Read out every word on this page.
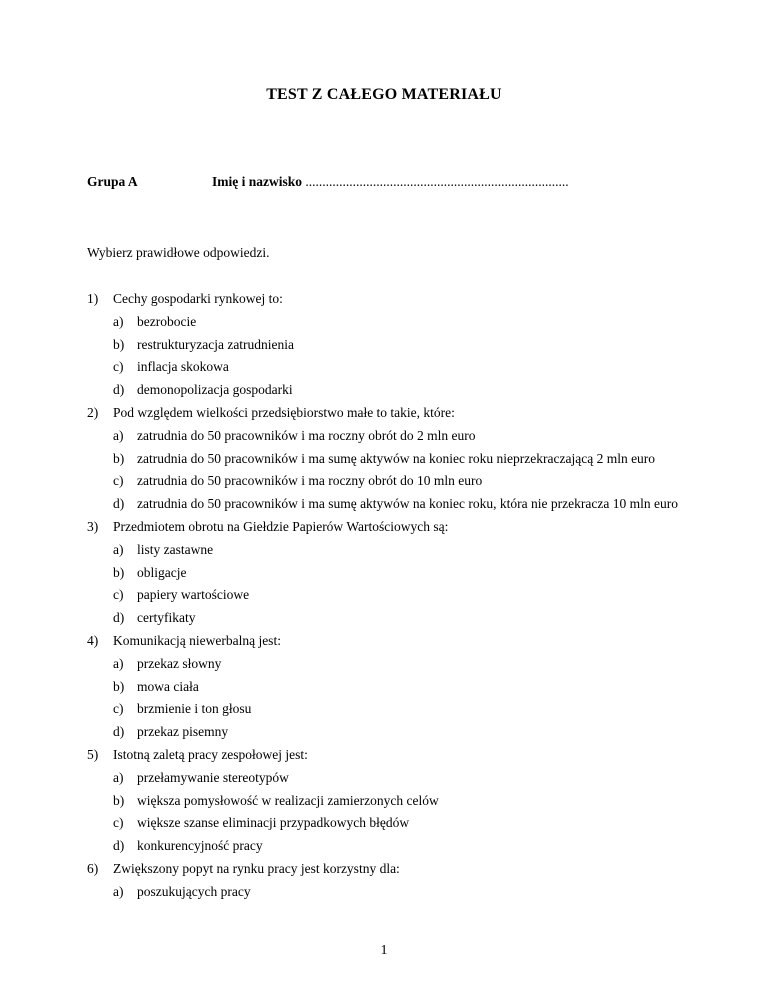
TEST Z CAŁEGO MATERIAŁU
Grupa A	Imię i nazwisko ..............................................................................
Wybierz prawidłowe odpowiedzi.
1) Cechy gospodarki rynkowej to:
a) bezrobocie
b) restrukturyzacja zatrudnienia
c) inflacja skokowa
d) demonopolizacja gospodarki
2) Pod względem wielkości przedsiębiorstwo małe to takie, które:
a) zatrudnia do 50 pracowników i ma roczny obrót do 2 mln euro
b) zatrudnia do 50 pracowników i ma sumę aktywów na koniec roku nieprzekraczającą 2 mln euro
c) zatrudnia do 50 pracowników i ma roczny obrót do 10 mln euro
d) zatrudnia do 50 pracowników i ma sumę aktywów na koniec roku, która nie przekracza 10 mln euro
3) Przedmiotem obrotu na Giełdzie Papierów Wartościowych są:
a) listy zastawne
b) obligacje
c) papiery wartościowe
d) certyfikaty
4) Komunikacją niewerbalną jest:
a) przekaz słowny
b) mowa ciała
c) brzmienie i ton głosu
d) przekaz pisemny
5) Istotną zaletą pracy zespołowej jest:
a) przełamywanie stereotypów
b) większa pomysłowość w realizacji zamierzonych celów
c) większe szanse eliminacji przypadkowych błędów
d) konkurencyjność pracy
6) Zwiększony popyt na rynku pracy jest korzystny dla:
a) poszukujących pracy
1
